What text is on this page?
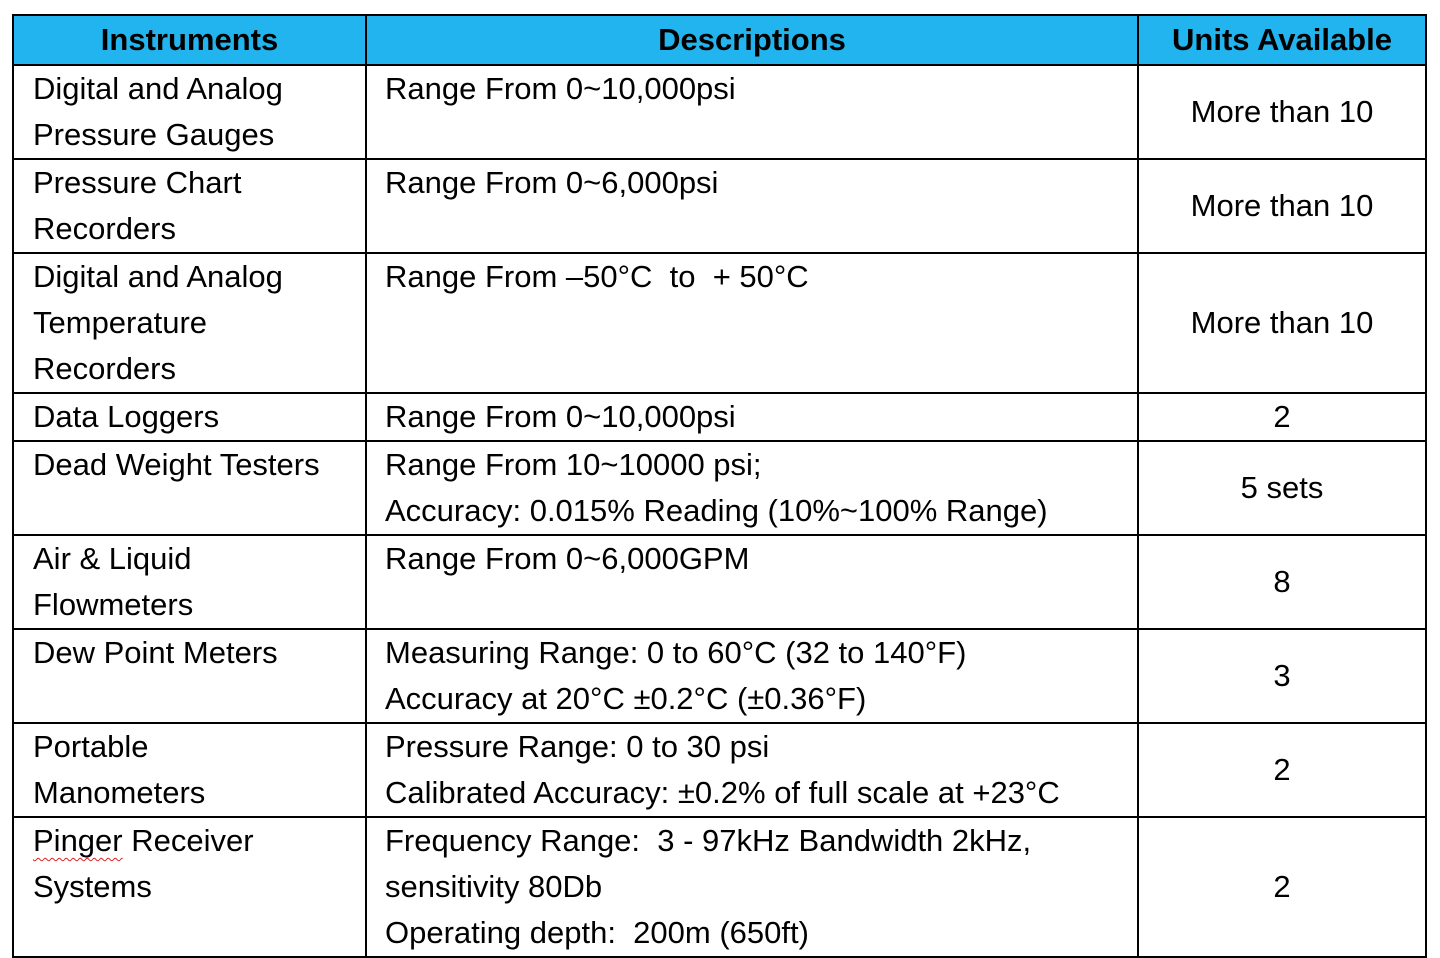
Instruments	Descriptions	Units Available

Digital and Analog
Pressure Gauges	Range From 0~10,000psi	More than 10

Pressure Chart
Recorders	Range From 0~6,000psi	More than 10

Digital and Analog
Temperature
Recorders	Range From –50°C  to  + 50°C	More than 10

Data Loggers	Range From 0~10,000psi	2

Dead Weight Testers	Range From 10~10000 psi;
Accuracy: 0.015% Reading (10%~100% Range)	5 sets

Air & Liquid
Flowmeters	Range From 0~6,000GPM	8

Dew Point Meters	Measuring Range: 0 to 60°C (32 to 140°F)
Accuracy at 20°C ±0.2°C (±0.36°F)	3

Portable
Manometers	Pressure Range: 0 to 30 psi
Calibrated Accuracy: ±0.2% of full scale at +23°C	2

Pinger Receiver
Systems	Frequency Range:  3 - 97kHz Bandwidth 2kHz,
sensitivity 80Db
Operating depth:  200m (650ft)	2
